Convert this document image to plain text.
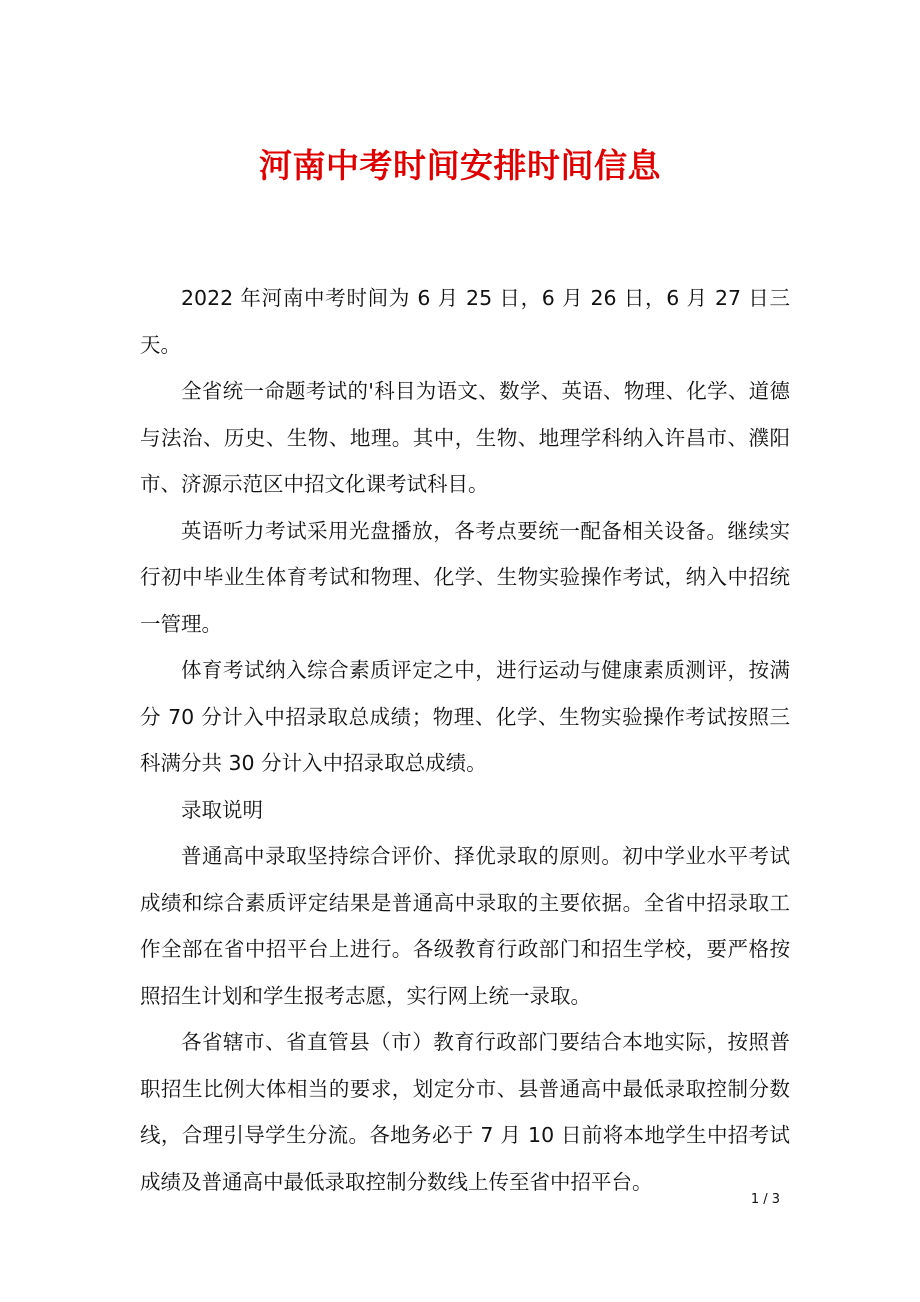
河南中考时间安排时间信息

2022 年河南中考时间为 6 月 25 日，6 月 26 日，6 月 27 日三天。

全省统一命题考试的'科目为语文、数学、英语、物理、化学、道德与法治、历史、生物、地理。其中，生物、地理学科纳入许昌市、濮阳市、济源示范区中招文化课考试科目。

英语听力考试采用光盘播放，各考点要统一配备相关设备。继续实行初中毕业生体育考试和物理、化学、生物实验操作考试，纳入中招统一管理。

体育考试纳入综合素质评定之中，进行运动与健康素质测评，按满分 70 分计入中招录取总成绩；物理、化学、生物实验操作考试按照三科满分共 30 分计入中招录取总成绩。

录取说明

普通高中录取坚持综合评价、择优录取的原则。初中学业水平考试成绩和综合素质评定结果是普通高中录取的主要依据。全省中招录取工作全部在省中招平台上进行。各级教育行政部门和招生学校，要严格按照招生计划和学生报考志愿，实行网上统一录取。

各省辖市、省直管县（市）教育行政部门要结合本地实际，按照普职招生比例大体相当的要求，划定分市、县普通高中最低录取控制分数线，合理引导学生分流。各地务必于 7 月 10 日前将本地学生中招考试成绩及普通高中最低录取控制分数线上传至省中招平台。

1 / 3
